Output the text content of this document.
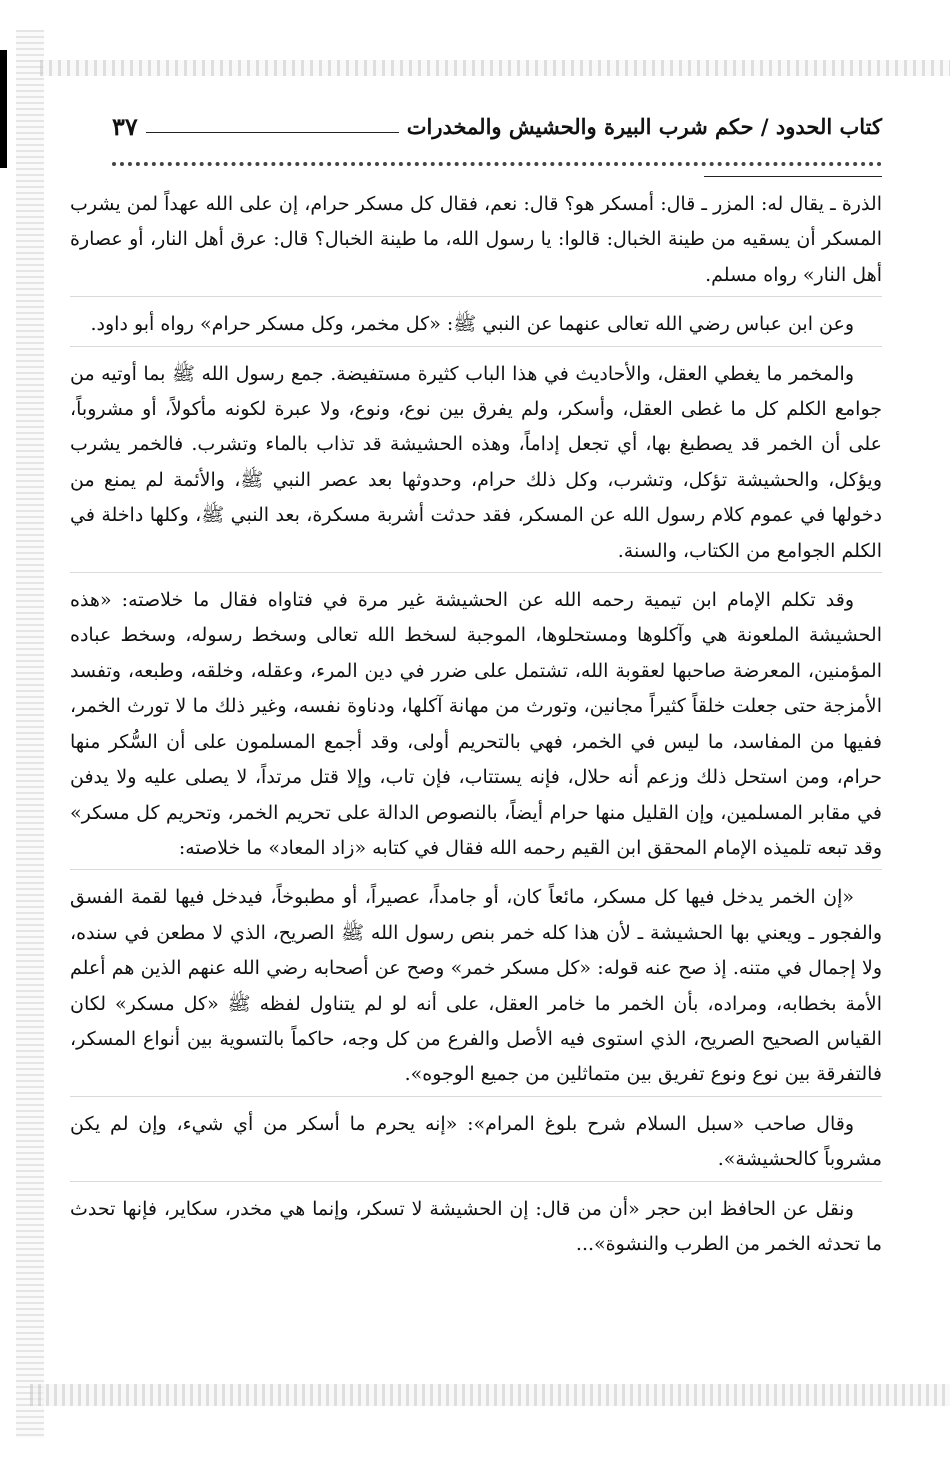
كتاب الحدود / حكم شرب البيرة والحشيش والمخدرات
٣٧

الذرة ـ يقال له: المزر ـ قال: أمسكر هو؟ قال: نعم، فقال كل مسكر حرام، إن على الله عهداً لمن يشرب المسكر أن يسقيه من طينة الخبال: قالوا: يا رسول الله، ما طينة الخبال؟ قال: عرق أهل النار، أو عصارة أهل النار» رواه مسلم.

وعن ابن عباس رضي الله تعالى عنهما عن النبي ﷺ: «كل مخمر، وكل مسكر حرام» رواه أبو داود.

والمخمر ما يغطي العقل، والأحاديث في هذا الباب كثيرة مستفيضة. جمع رسول الله ﷺ بما أوتيه من جوامع الكلم كل ما غطى العقل، وأسكر، ولم يفرق بين نوع، ونوع، ولا عبرة لكونه مأكولاً، أو مشروباً، على أن الخمر قد يصطبغ بها، أي تجعل إداماً، وهذه الحشيشة قد تذاب بالماء وتشرب. فالخمر يشرب ويؤكل، والحشيشة تؤكل، وتشرب، وكل ذلك حرام، وحدوثها بعد عصر النبي ﷺ، والأئمة لم يمنع من دخولها في عموم كلام رسول الله عن المسكر، فقد حدثت أشربة مسكرة، بعد النبي ﷺ، وكلها داخلة في الكلم الجوامع من الكتاب، والسنة.

وقد تكلم الإمام ابن تيمية رحمه الله عن الحشيشة غير مرة في فتاواه فقال ما خلاصته: «هذه الحشيشة الملعونة هي وآكلوها ومستحلوها، الموجبة لسخط الله تعالى وسخط رسوله، وسخط عباده المؤمنين، المعرضة صاحبها لعقوبة الله، تشتمل على ضرر في دين المرء، وعقله، وخلقه، وطبعه، وتفسد الأمزجة حتى جعلت خلقاً كثيراً مجانين، وتورث من مهانة آكلها، ودناوة نفسه، وغير ذلك ما لا تورث الخمر، ففيها من المفاسد، ما ليس في الخمر، فهي بالتحريم أولى، وقد أجمع المسلمون على أن السُّكر منها حرام، ومن استحل ذلك وزعم أنه حلال، فإنه يستتاب، فإن تاب، وإلا قتل مرتداً، لا يصلى عليه ولا يدفن في مقابر المسلمين، وإن القليل منها حرام أيضاً، بالنصوص الدالة على تحريم الخمر، وتحريم كل مسكر» وقد تبعه تلميذه الإمام المحقق ابن القيم رحمه الله فقال في كتابه «زاد المعاد» ما خلاصته:

«إن الخمر يدخل فيها كل مسكر، مائعاً كان، أو جامداً، عصيراً، أو مطبوخاً، فيدخل فيها لقمة الفسق والفجور ـ ويعني بها الحشيشة ـ لأن هذا كله خمر بنص رسول الله ﷺ الصريح، الذي لا مطعن في سنده، ولا إجمال في متنه. إذ صح عنه قوله: «كل مسكر خمر» وصح عن أصحابه رضي الله عنهم الذين هم أعلم الأمة بخطابه، ومراده، بأن الخمر ما خامر العقل، على أنه لو لم يتناول لفظه ﷺ «كل مسكر» لكان القياس الصحيح الصريح، الذي استوى فيه الأصل والفرع من كل وجه، حاكماً بالتسوية بين أنواع المسكر، فالتفرقة بين نوع ونوع تفريق بين متماثلين من جميع الوجوه».

وقال صاحب «سبل السلام شرح بلوغ المرام»: «إنه يحرم ما أسكر من أي شيء، وإن لم يكن مشروباً كالحشيشة».

ونقل عن الحافظ ابن حجر «أن من قال: إن الحشيشة لا تسكر، وإنما هي مخدر، سكاير، فإنها تحدث ما تحدثه الخمر من الطرب والنشوة»...
